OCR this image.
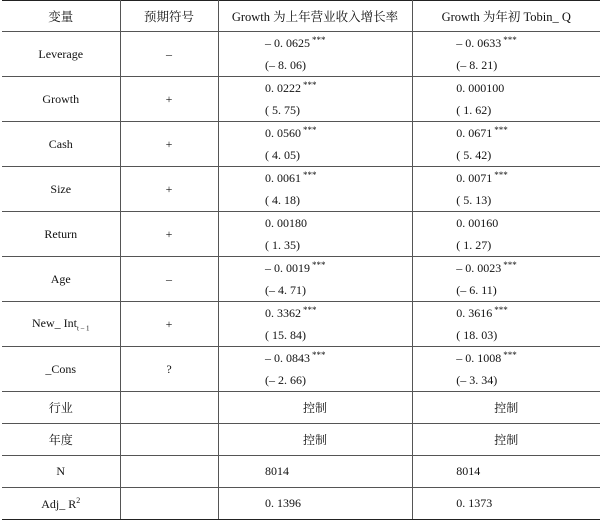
变量	预期符号	Growth 为上年营业收入增长率	Growth 为年初 Tobin_ Q
Leverage	–	– 0. 0625 ***	– 0. 0633 ***
		(– 8. 06)	(– 8. 21)
Growth	+	0. 0222 ***	0. 000100
		( 5. 75)	( 1. 62)
Cash	+	0. 0560 ***	0. 0671 ***
		( 4. 05)	( 5. 42)
Size	+	0. 0061 ***	0. 0071 ***
		( 4. 18)	( 5. 13)
Return	+	0. 00180	0. 00160
		( 1. 35)	( 1. 27)
Age	–	– 0. 0019 ***	– 0. 0023 ***
		(– 4. 71)	(– 6. 11)
New_ Int$_{t - 1}$	+	0. 3362 ***	0. 3616 ***
		( 15. 84)	( 18. 03)
_Cons	?	– 0. 0843 ***	– 0. 1008 ***
		(– 2. 66)	(– 3. 34)
行业		控制	控制
年度		控制	控制
N		8014	8014
Adj_ $R^2$		0. 1396	0. 1373
